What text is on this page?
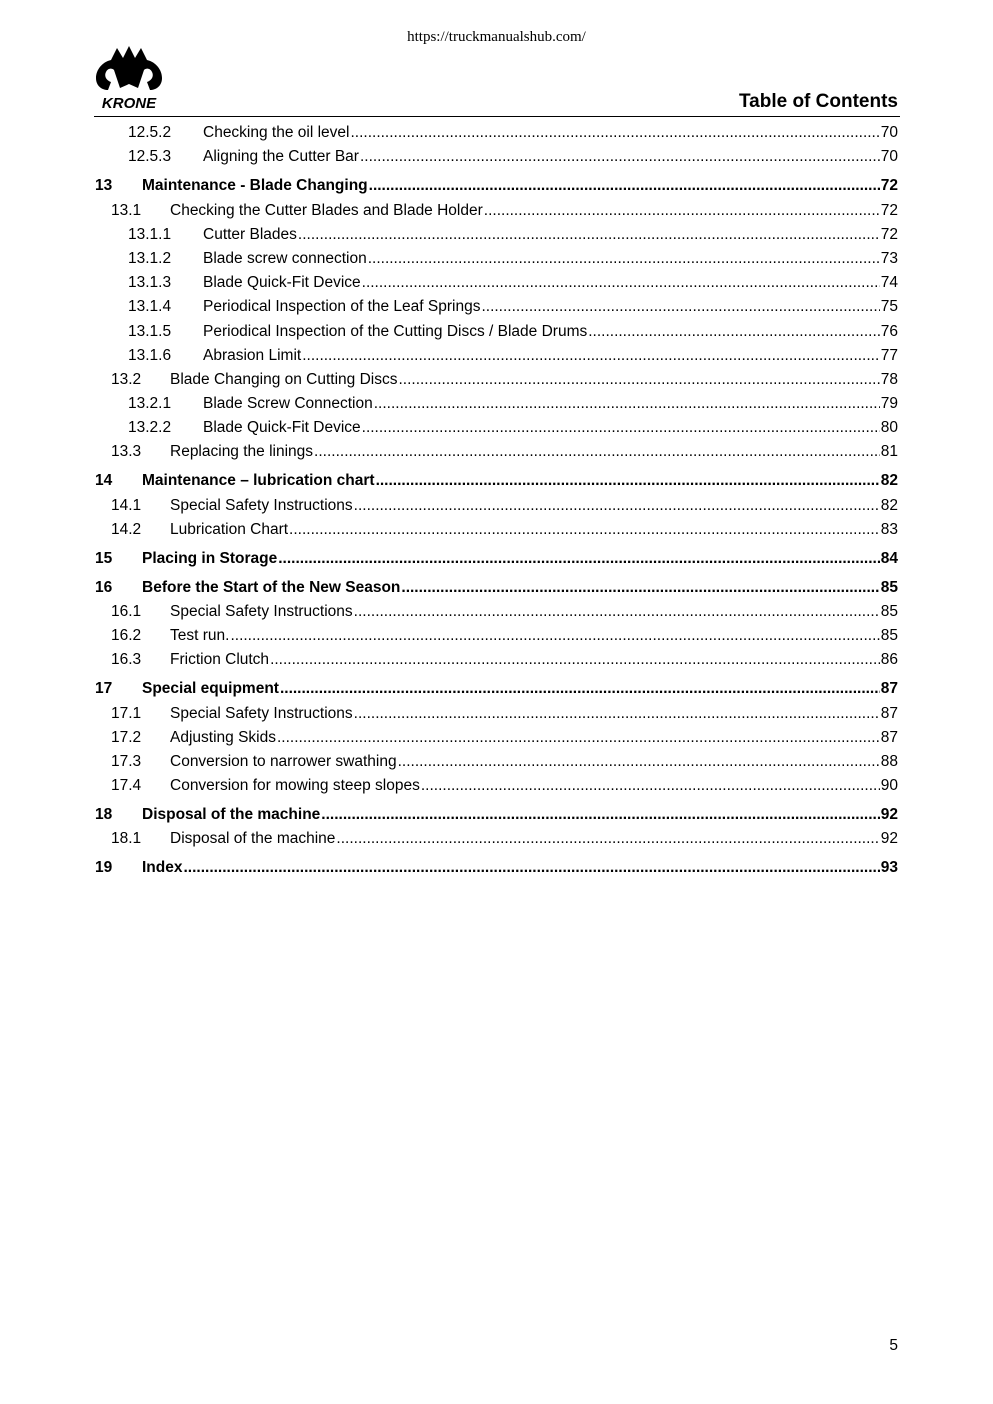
https://truckmanualshub.com/
KRONE	Table of Contents
12.5.2	Checking the oil level .....	70
12.5.3	Aligning the Cutter Bar .....	70
13	Maintenance - Blade Changing .....	72
13.1	Checking the Cutter Blades and Blade Holder .....	72
13.1.1	Cutter Blades .....	72
13.1.2	Blade screw connection .....	73
13.1.3	Blade Quick-Fit Device .....	74
13.1.4	Periodical Inspection of the Leaf Springs .....	75
13.1.5	Periodical Inspection of the Cutting Discs / Blade Drums .....	76
13.1.6	Abrasion Limit .....	77
13.2	Blade Changing on Cutting Discs .....	78
13.2.1	Blade Screw Connection .....	79
13.2.2	Blade Quick-Fit Device .....	80
13.3	Replacing the linings .....	81
14	Maintenance – lubrication chart .....	82
14.1	Special Safety Instructions .....	82
14.2	Lubrication Chart .....	83
15	Placing in Storage .....	84
16	Before the Start of the New Season .....	85
16.1	Special Safety Instructions .....	85
16.2	Test run. .....	85
16.3	Friction Clutch .....	86
17	Special equipment .....	87
17.1	Special Safety Instructions .....	87
17.2	Adjusting Skids .....	87
17.3	Conversion to narrower swathing .....	88
17.4	Conversion for mowing steep slopes .....	90
18	Disposal of the machine .....	92
18.1	Disposal of the machine .....	92
19	Index .....	93
5
